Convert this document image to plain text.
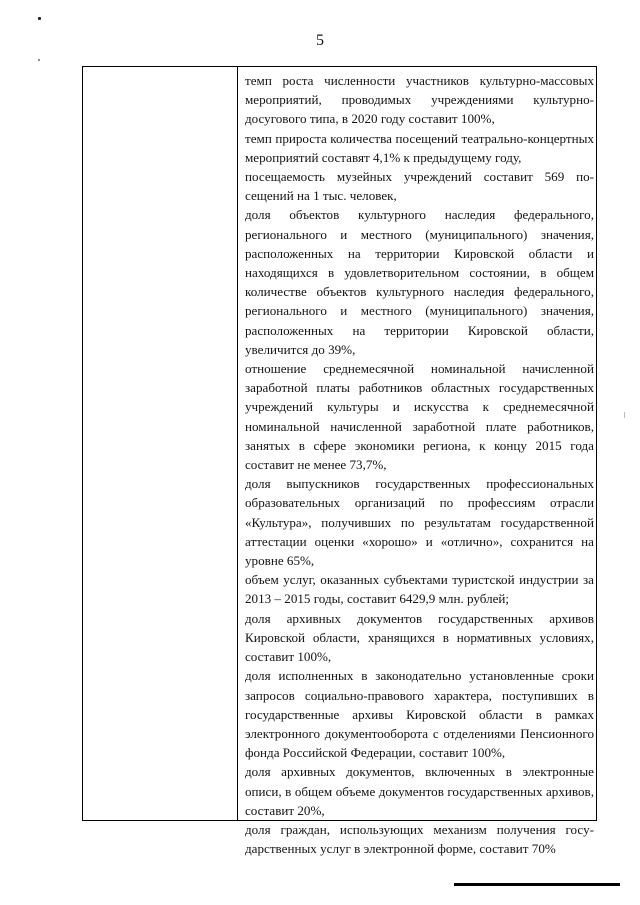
5

темп роста численности участников культурно-массовых мероприятий, проводимых учреждениями культурно-досугового типа, в 2020 году составит 100%,

темп прироста количества посещений театрально-концертных мероприятий составят 4,1% к предыдущему году,

посещаемость музейных учреждений составит 569 посещений на 1 тыс. человек,

доля объектов культурного наследия федерального, регионального и местного (муниципального) значения, расположенных на территории Кировской области и находящихся в удовлетворительном состоянии, в общем количестве объектов культурного наследия федерального, регионального и местного (муниципального) значения, расположенных на территории Кировской области, увеличится до 39%,

отношение среднемесячной номинальной начисленной заработной платы работников областных государственных учреждений культуры и искусства к среднемесячной номинальной начисленной заработной плате работников, занятых в сфере экономики региона, к концу 2015 года составит не менее 73,7%,

доля выпускников государственных профессиональных образовательных организаций по профессиям отрасли «Культура», получивших по результатам государственной аттестации оценки «хорошо» и «отлично», сохранится на уровне 65%,

объем услуг, оказанных субъектами туристской индустрии за 2013 – 2015 годы, составит 6429,9 млн. рублей;

доля архивных документов государственных архивов Кировской области, хранящихся в нормативных условиях, составит 100%,

доля исполненных в законодательно установленные сроки запросов социально-правового характера, поступивших в государственные архивы Кировской области в рамках электронного документооборота с отделениями Пенсионного фонда Российской Федерации, составит 100%,

доля архивных документов, включенных в электронные описи, в общем объеме документов государственных архивов, составит 20%,

доля граждан, использующих механизм получения государственных услуг в электронной форме, составит 70%
